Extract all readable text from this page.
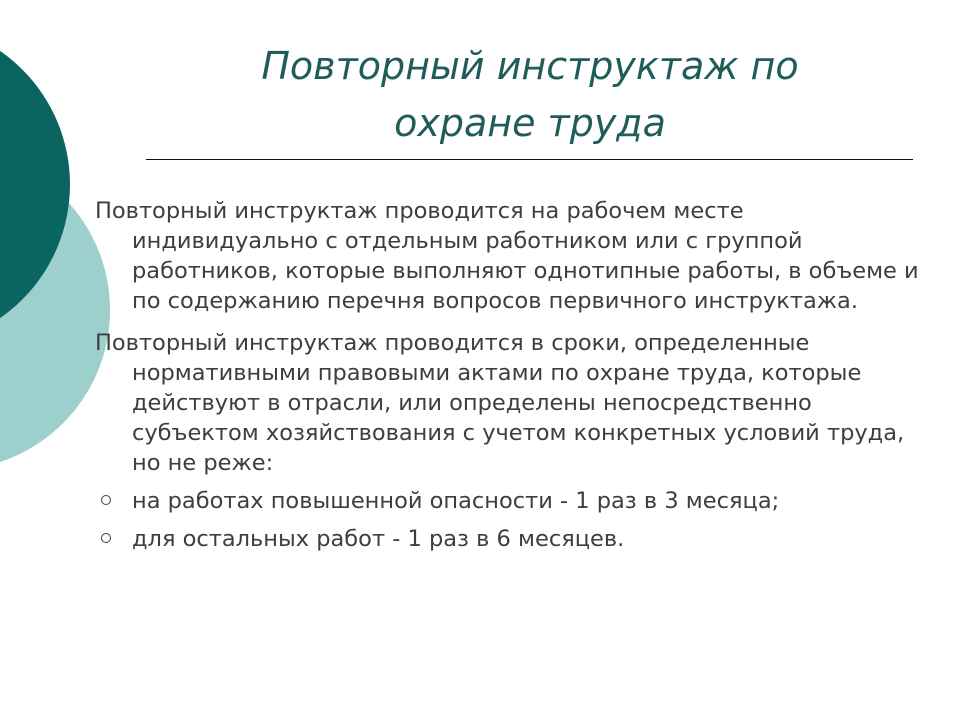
Повторный инструктаж по
охране труда

Повторный инструктаж проводится на рабочем месте индивидуально с отдельным работником или с группой работников, которые выполняют однотипные работы, в объеме и по содержанию перечня вопросов первичного инструктажа.

Повторный инструктаж проводится в сроки, определенные нормативными правовыми актами по охране труда, которые действуют в отрасли, или определены непосредственно субъектом хозяйствования с учетом конкретных условий труда, но не реже:

на работах повышенной опасности - 1 раз в 3 месяца;
для остальных работ - 1 раз в 6 месяцев.
